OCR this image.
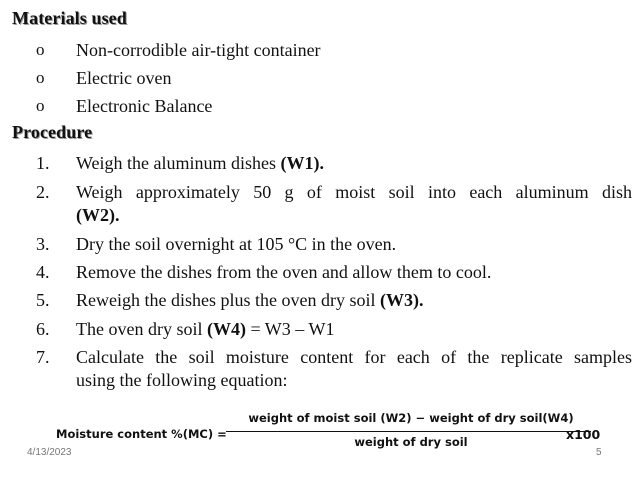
Materials used
o Non-corrodible air-tight container
o Electric oven
o Electronic Balance
Procedure
1. Weigh the aluminum dishes (W1).
2. Weigh approximately 50 g of moist soil into each aluminum dish
(W2).
3. Dry the soil overnight at 105 °C in the oven.
4. Remove the dishes from the oven and allow them to cool.
5. Reweigh the dishes plus the oven dry soil (W3).
6. The oven dry soil (W4) = W3 – W1
7. Calculate the soil moisture content for each of the replicate samples
using the following equation:
Moisture content %(MC) =
weight of moist soil (W2) − weight of dry soil(W4)
weight of dry soil	x100
4/13/2023	5
